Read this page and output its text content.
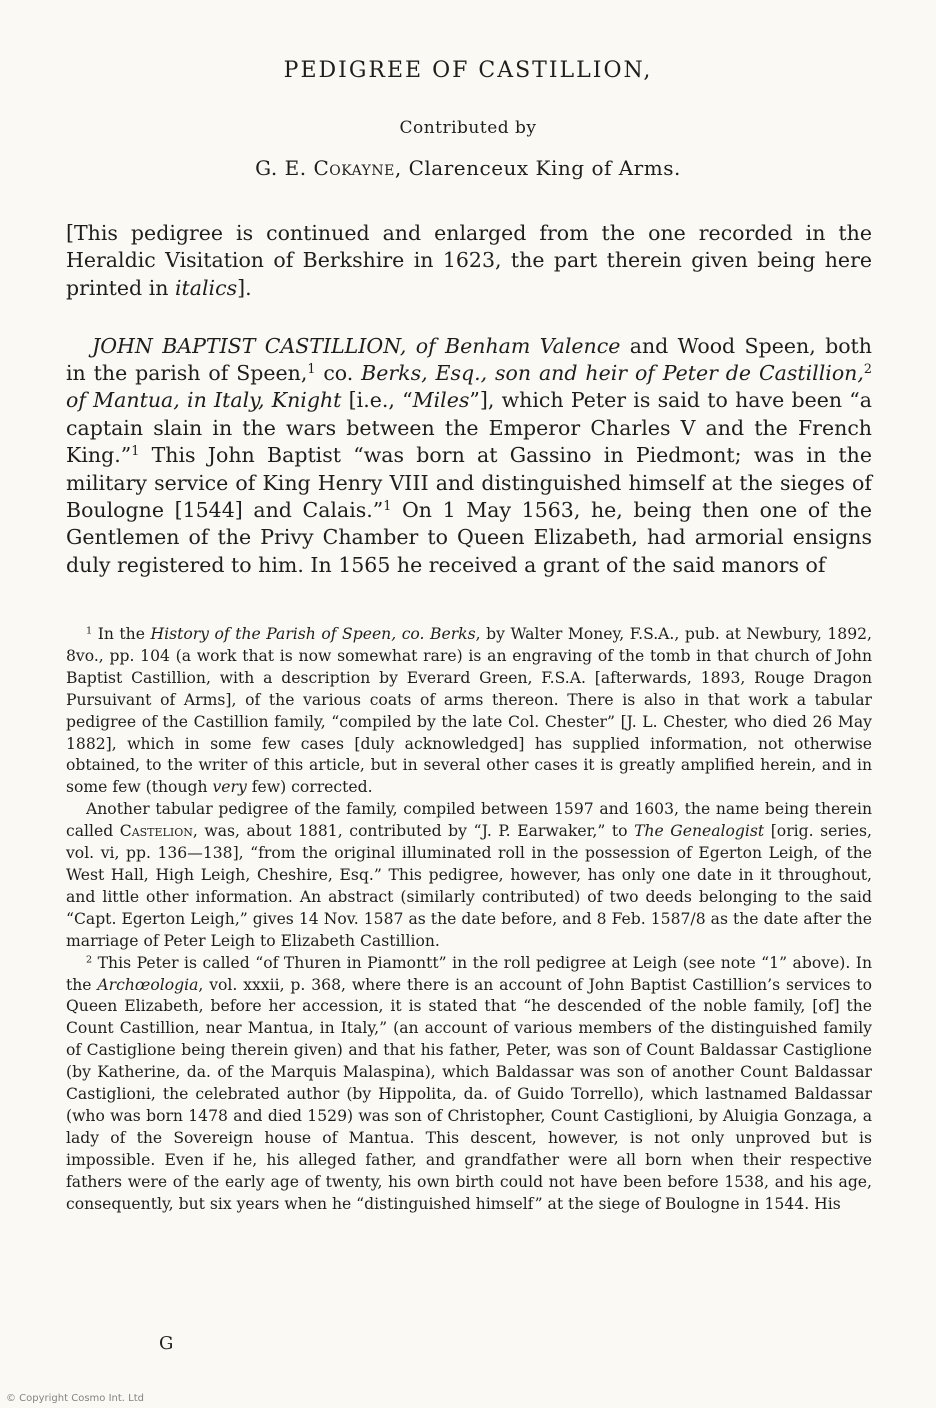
PEDIGREE OF CASTILLION,
Contributed by
G. E. Cokayne, Clarenceux King of Arms.

[This pedigree is continued and enlarged from the one recorded in the Heraldic Visitation of Berkshire in 1623, the part therein given being here printed in italics].

JOHN BAPTIST CASTILLION, of Benham Valence and Wood Speen, both in the parish of Speen,$^1$ co. Berks, Esq., son and heir of Peter de Castillion,$^2$ of Mantua, in Italy, Knight [i.e., “Miles”], which Peter is said to have been “a captain slain in the wars between the Emperor Charles V and the French King.”$^1$ This John Baptist “was born at Gassino in Piedmont; was in the military service of King Henry VIII and distinguished himself at the sieges of Boulogne [1544] and Calais.”$^1$ On 1 May 1563, he, being then one of the Gentlemen of the Privy Chamber to Queen Elizabeth, had armorial ensigns duly registered to him. In 1565 he received a grant of the said manors of

$^1$ In the History of the Parish of Speen, co. Berks, by Walter Money, F.S.A., pub. at Newbury, 1892, 8vo., pp. 104 (a work that is now somewhat rare) is an engraving of the tomb in that church of John Baptist Castillion, with a description by Everard Green, F.S.A. [afterwards, 1893, Rouge Dragon Pursuivant of Arms], of the various coats of arms thereon. There is also in that work a tabular pedigree of the Castillion family, “compiled by the late Col. Chester” [J. L. Chester, who died 26 May 1882], which in some few cases [duly acknowledged] has supplied information, not otherwise obtained, to the writer of this article, but in several other cases it is greatly amplified herein, and in some few (though very few) corrected.

Another tabular pedigree of the family, compiled between 1597 and 1603, the name being therein called Castelion, was, about 1881, contributed by “J. P. Earwaker,” to The Genealogist [orig. series, vol. vi, pp. 136—138], “from the original illuminated roll in the possession of Egerton Leigh, of the West Hall, High Leigh, Cheshire, Esq.” This pedigree, however, has only one date in it throughout, and little other information. An abstract (similarly contributed) of two deeds belonging to the said “Capt. Egerton Leigh,” gives 14 Nov. 1587 as the date before, and 8 Feb. 1587/8 as the date after the marriage of Peter Leigh to Elizabeth Castillion.

$^2$ This Peter is called “of Thuren in Piamontt” in the roll pedigree at Leigh (see note “1” above). In the Archœologia, vol. xxxii, p. 368, where there is an account of John Baptist Castillion’s services to Queen Elizabeth, before her accession, it is stated that “he descended of the noble family, [of] the Count Castillion, near Mantua, in Italy,” (an account of various members of the distinguished family of Castiglione being therein given) and that his father, Peter, was son of Count Baldassar Castiglione (by Katherine, da. of the Marquis Malaspina), which Baldassar was son of another Count Baldassar Castiglioni, the celebrated author (by Hippolita, da. of Guido Torrello), which lastnamed Baldassar (who was born 1478 and died 1529) was son of Christopher, Count Castiglioni, by Aluigia Gonzaga, a lady of the Sovereign house of Mantua. This descent, however, is not only unproved but is impossible. Even if he, his alleged father, and grandfather were all born when their respective fathers were of the early age of twenty, his own birth could not have been before 1538, and his age, consequently, but six years when he “distinguished himself” at the siege of Boulogne in 1544. His

G
© Copyright Cosmo Int. Ltd
